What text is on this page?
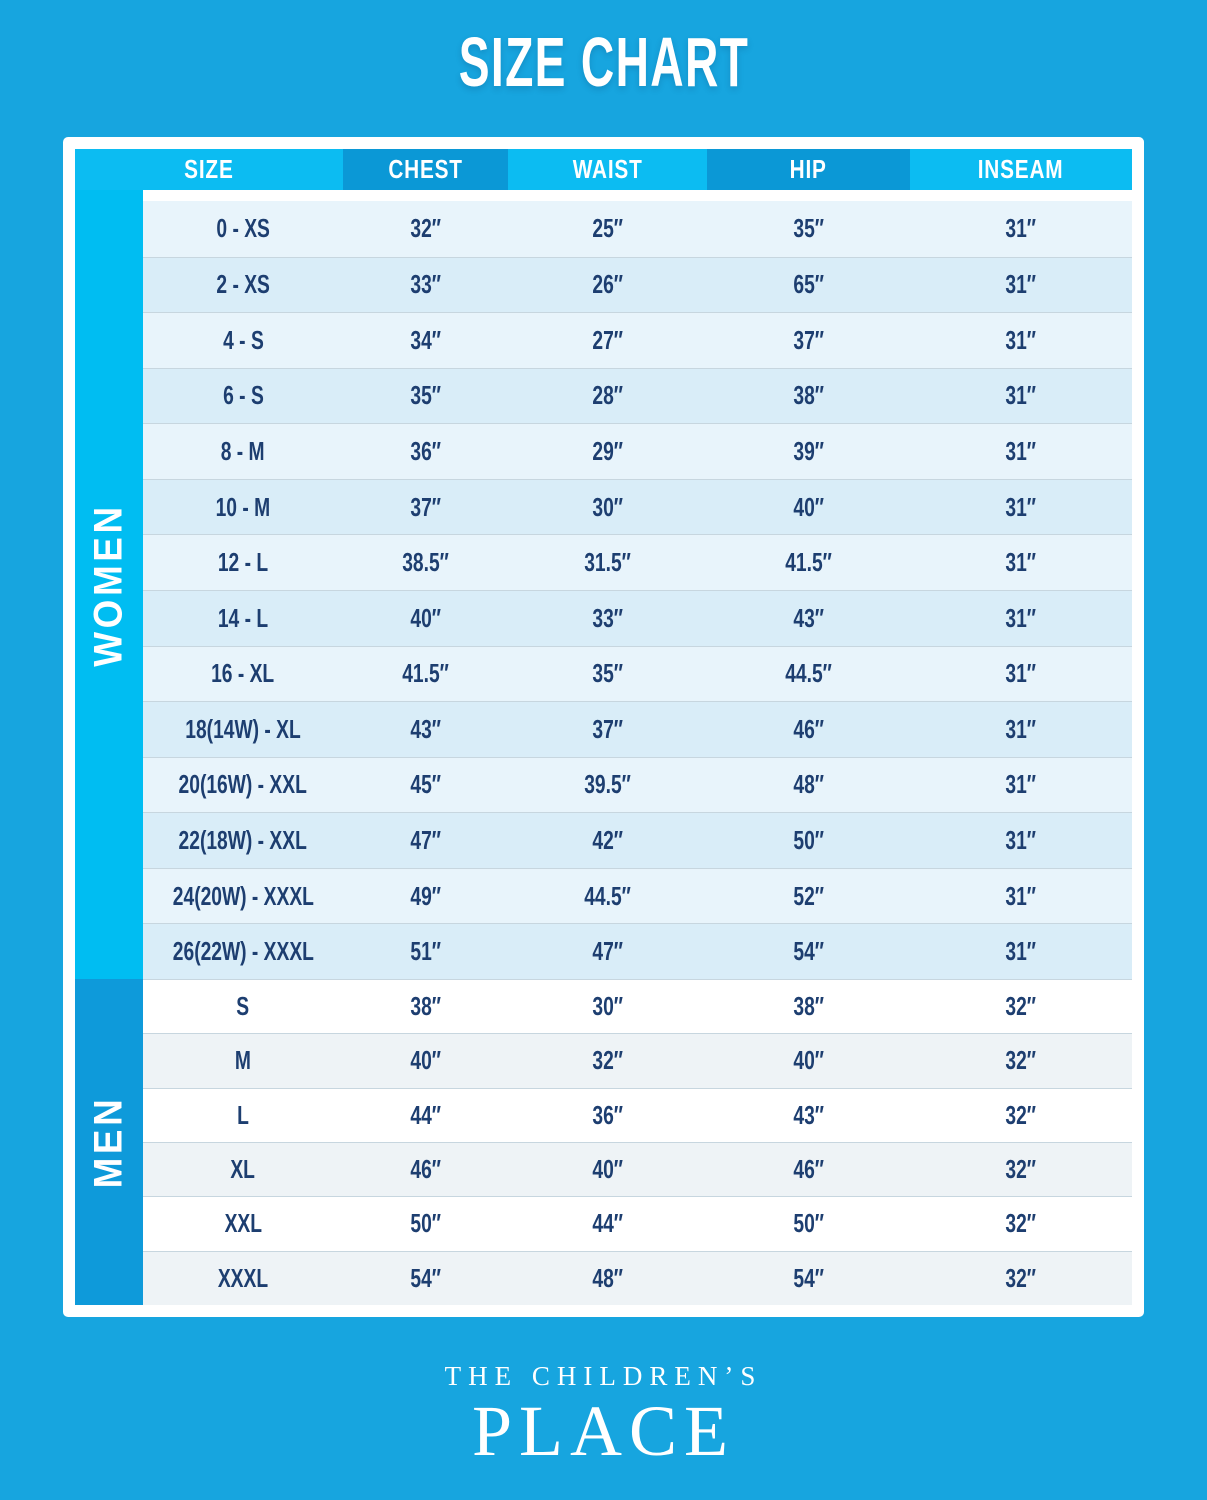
SIZE CHART
SIZE	CHEST	WAIST	HIP	INSEAM
WOMEN
MEN
0 - XS	32″	25″	35″	31″
2 - XS	33″	26″	65″	31″
4 - S	34″	27″	37″	31″
6 - S	35″	28″	38″	31″
8 - M	36″	29″	39″	31″
10 - M	37″	30″	40″	31″
12 - L	38.5″	31.5″	41.5″	31″
14 - L	40″	33″	43″	31″
16 - XL	41.5″	35″	44.5″	31″
18(14W) - XL	43″	37″	46″	31″
20(16W) - XXL	45″	39.5″	48″	31″
22(18W) - XXL	47″	42″	50″	31″
24(20W) - XXXL	49″	44.5″	52″	31″
26(22W) - XXXL	51″	47″	54″	31″
S	38″	30″	38″	32″
M	40″	32″	40″	32″
L	44″	36″	43″	32″
XL	46″	40″	46″	32″
XXL	50″	44″	50″	32″
XXXL	54″	48″	54″	32″
THE CHILDREN’S
PLACE
